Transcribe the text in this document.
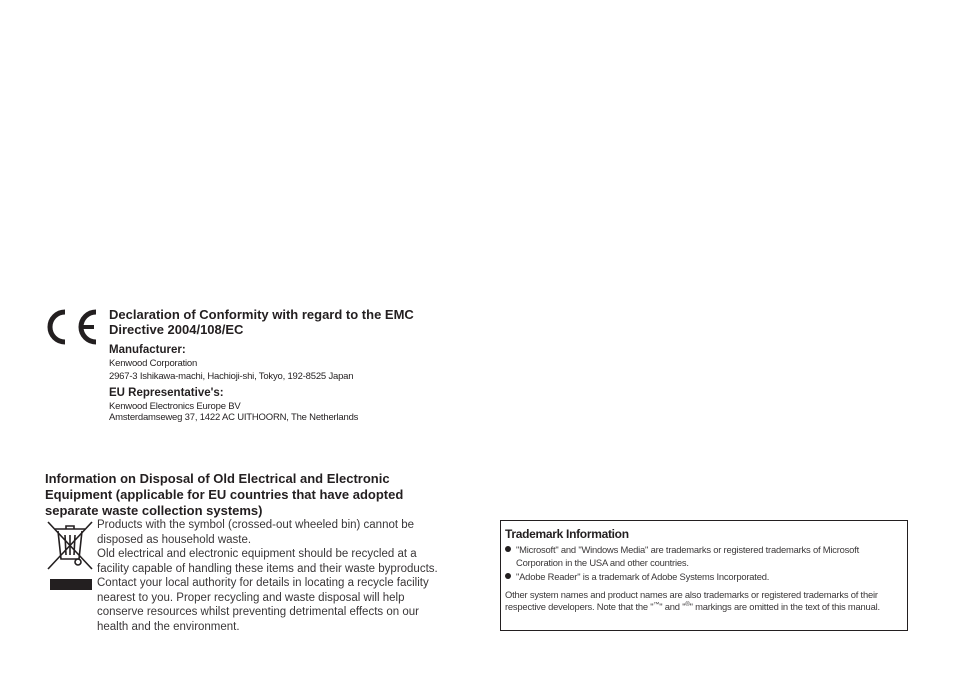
Declaration of Conformity with regard to the EMC
Directive 2004/108/EC
Manufacturer:
Kenwood Corporation
2967-3 Ishikawa-machi, Hachioji-shi, Tokyo, 192-8525 Japan
EU Representative's:
Kenwood Electronics Europe BV
Amsterdamseweg 37, 1422 AC UITHOORN, The Netherlands
Information on Disposal of Old Electrical and Electronic
Equipment (applicable for EU countries that have adopted
separate waste collection systems)
Products with the symbol (crossed-out wheeled bin) cannot be
disposed as household waste.
Old electrical and electronic equipment should be recycled at a
facility capable of handling these items and their waste byproducts.
Contact your local authority for details in locating a recycle facility
nearest to you. Proper recycling and waste disposal will help
conserve resources whilst preventing detrimental effects on our
health and the environment.
Trademark Information
"Microsoft" and "Windows Media" are trademarks or registered trademarks of Microsoft Corporation in the USA and other countries.
"Adobe Reader" is a trademark of Adobe Systems Incorporated.
Other system names and product names are also trademarks or registered trademarks of their respective developers. Note that the "™" and "®" markings are omitted in the text of this manual.
